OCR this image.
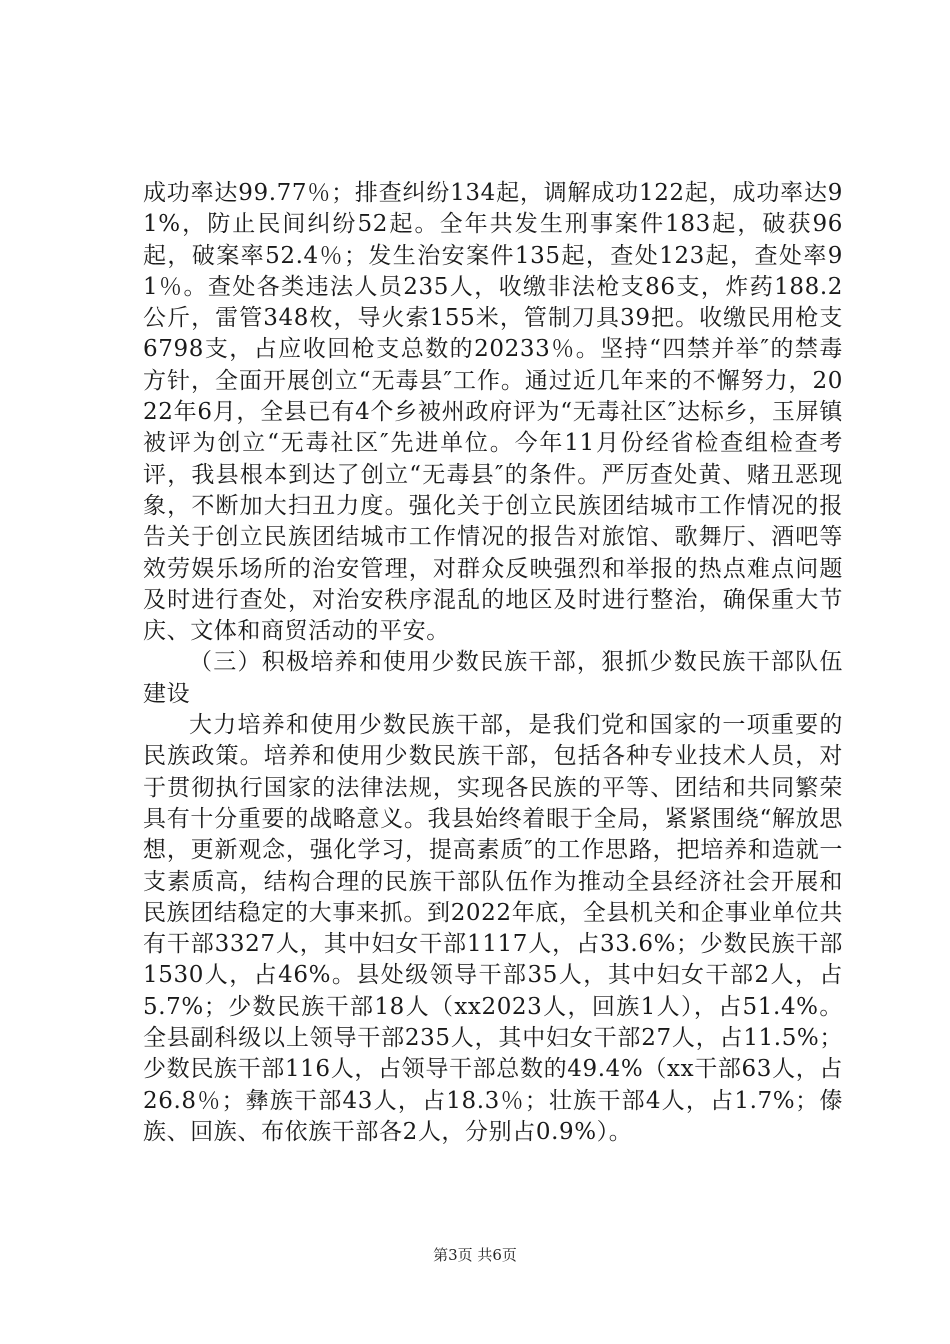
成功率达99.77％；排查纠纷134起，调解成功122起，成功率达91%，防止民间纠纷52起。全年共发生刑事案件183起，破获96起，破案率52.4％；发生治安案件135起，查处123起，查处率91％。查处各类违法人员235人，收缴非法枪支86支，炸药188.2公斤，雷管348枚，导火索155米，管制刀具39把。收缴民用枪支6798支，占应收回枪支总数的20233％。坚持“四禁并举″的禁毒方针，全面开展创立“无毒县″工作。通过近几年来的不懈努力，2022年6月，全县已有4个乡被州政府评为“无毒社区″达标乡，玉屏镇被评为创立“无毒社区″先进单位。今年11月份经省检查组检查考评，我县根本到达了创立“无毒县″的条件。严厉查处黄、赌丑恶现象，不断加大扫丑力度。强化关于创立民族团结城市工作情况的报告关于创立民族团结城市工作情况的报告对旅馆、歌舞厅、酒吧等效劳娱乐场所的治安管理，对群众反映强烈和举报的热点难点问题及时进行查处，对治安秩序混乱的地区及时进行整治，确保重大节庆、文体和商贸活动的平安。

（三）积极培养和使用少数民族干部，狠抓少数民族干部队伍建设

大力培养和使用少数民族干部，是我们党和国家的一项重要的民族政策。培养和使用少数民族干部，包括各种专业技术人员，对于贯彻执行国家的法律法规，实现各民族的平等、团结和共同繁荣具有十分重要的战略意义。我县始终着眼于全局，紧紧围绕“解放思想，更新观念，强化学习，提高素质″的工作思路，把培养和造就一支素质高，结构合理的民族干部队伍作为推动全县经济社会开展和民族团结稳定的大事来抓。到2022年底，全县机关和企事业单位共有干部3327人，其中妇女干部1117人，占33.6%；少数民族干部1530人，占46%。县处级领导干部35人，其中妇女干部2人，占5.7%；少数民族干部18人（xx2023人，回族1人），占51.4%。全县副科级以上领导干部235人，其中妇女干部27人，占11.5%；少数民族干部116人，占领导干部总数的49.4%（xx干部63人，占26.8％；彝族干部43人，占18.3％；壮族干部4人，占1.7%；傣族、回族、布依族干部各2人，分别占0.9%）。

第3页 共6页
